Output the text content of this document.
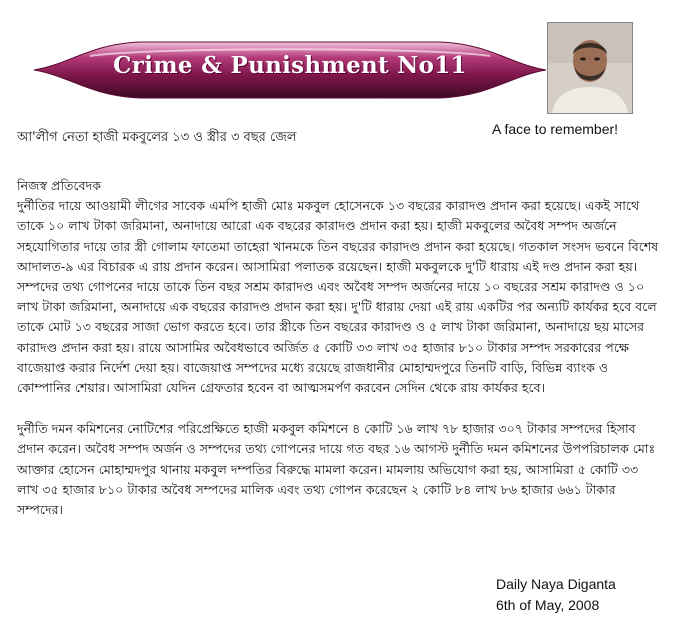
Crime & Punishment No11
A face to remember!
আ'লীগ নেতা হাজী মকবুলের ১৩ ও স্ত্রীর ৩ বছর জেল

নিজস্ব প্রতিবেদক

দুর্নীতির দায়ে আওয়ামী লীগের সাবেক এমপি হাজী মোঃ মকবুল হোসেনকে ১৩ বছরের কারাদণ্ড প্রদান করা হয়েছে। একই সাথে তাকে ১০ লাখ টাকা জরিমানা, অনাদায়ে আরো এক বছরের কারাদণ্ড প্রদান করা হয়। হাজী মকবুলের অবৈধ সম্পদ অর্জনে সহযোগিতার দায়ে তার স্ত্রী গোলাম ফাতেমা তাহেরা খানমকে তিন বছরের কারাদণ্ড প্রদান করা হয়েছে। গতকাল সংসদ ভবনে বিশেষ আদালত-৯ এর বিচারক এ রায় প্রদান করেন। আসামিরা পলাতক রয়েছেন। হাজী মকবুলকে দু'টি ধারায় এই দণ্ড প্রদান করা হয়। সম্পদের তথ্য গোপনের দায়ে তাকে তিন বছর সশ্রম কারাদণ্ড এবং অবৈধ সম্পদ অর্জনের দায়ে ১০ বছরের সশ্রম কারাদণ্ড ও ১০ লাখ টাকা জরিমানা, অনাদায়ে এক বছরের কারাদণ্ড প্রদান করা হয়। দু'টি ধারায় দেয়া এই রায় একটির পর অন্যটি কার্যকর হবে বলে তাকে মোট ১৩ বছরের সাজা ভোগ করতে হবে। তার স্ত্রীকে তিন বছরের কারাদণ্ড ও ৫ লাখ টাকা জরিমানা, অনাদায়ে ছয় মাসের কারাদণ্ড প্রদান করা হয়। রায়ে আসামির অবৈধভাবে অর্জিত ৫ কোটি ৩৩ লাখ ৩৫ হাজার ৮১০ টাকার সম্পদ সরকারের পক্ষে বাজেয়াপ্ত করার নির্দেশ দেয়া হয়। বাজেয়াপ্ত সম্পদের মধ্যে রয়েছে রাজধানীর মোহাম্মদপুরে তিনটি বাড়ি, বিভিন্ন ব্যাংক ও কোম্পানির শেয়ার। আসামিরা যেদিন গ্রেফতার হবেন বা আত্মসমর্পণ করবেন সেদিন থেকে রায় কার্যকর হবে।

দুর্নীতি দমন কমিশনের নোটিশের পরিপ্রেক্ষিতে হাজী মকবুল কমিশনে ৪ কোটি ১৬ লাখ ৭৮ হাজার ৩০৭ টাকার সম্পদের হিসাব প্রদান করেন। অবৈধ সম্পদ অর্জন ও সম্পদের তথ্য গোপনের দায়ে গত বছর ১৬ আগস্ট দুর্নীতি দমন কমিশনের উপপরিচালক মোঃ আক্তার হোসেন মোহাম্মদপুর থানায় মকবুল দম্পতির বিরুদ্ধে মামলা করেন। মামলায় অভিযোগ করা হয়, আসামিরা ৫ কোটি ৩৩ লাখ ৩৫ হাজার ৮১০ টাকার অবৈধ সম্পদের মালিক এবং তথ্য গোপন করেছেন ২ কোটি ৮৪ লাখ ৮৬ হাজার ৬৬১ টাকার সম্পদের।

Daily Naya Diganta
6th of May, 2008
